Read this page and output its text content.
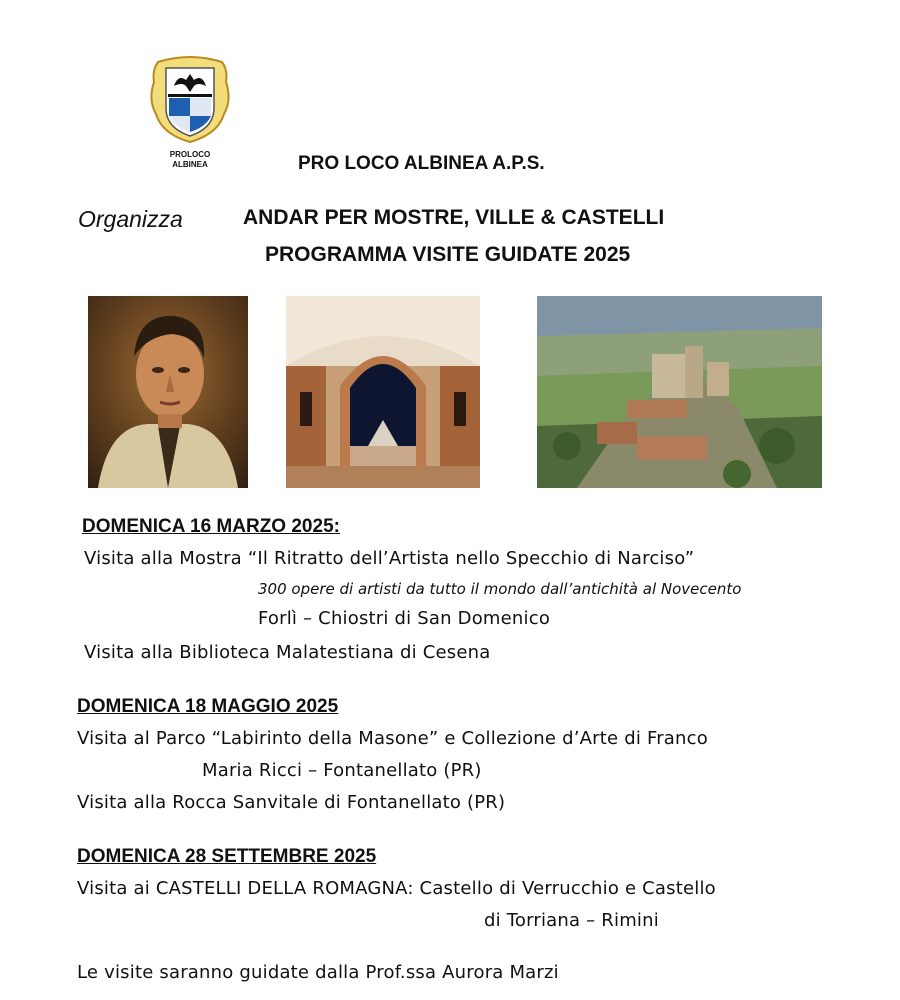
PROLOCO
ALBINEA	PRO LOCO ALBINEA A.P.S.
Organizza	ANDAR PER MOSTRE, VILLE & CASTELLI
PROGRAMMA VISITE GUIDATE 2025
DOMENICA 16 MARZO 2025:
Visita alla Mostra “Il Ritratto dell’Artista nello Specchio di Narciso”
300 opere di artisti da tutto il mondo dall’antichità al Novecento
Forlì – Chiostri di San Domenico
Visita alla Biblioteca Malatestiana di Cesena
DOMENICA 18 MAGGIO 2025
Visita al Parco “Labirinto della Masone” e Collezione d’Arte di Franco
Maria Ricci – Fontanellato (PR)
Visita alla Rocca Sanvitale di Fontanellato (PR)
DOMENICA 28 SETTEMBRE 2025
Visita ai CASTELLI DELLA ROMAGNA: Castello di Verrucchio e Castello
di Torriana – Rimini
Le visite saranno guidate dalla Prof.ssa Aurora Marzi
